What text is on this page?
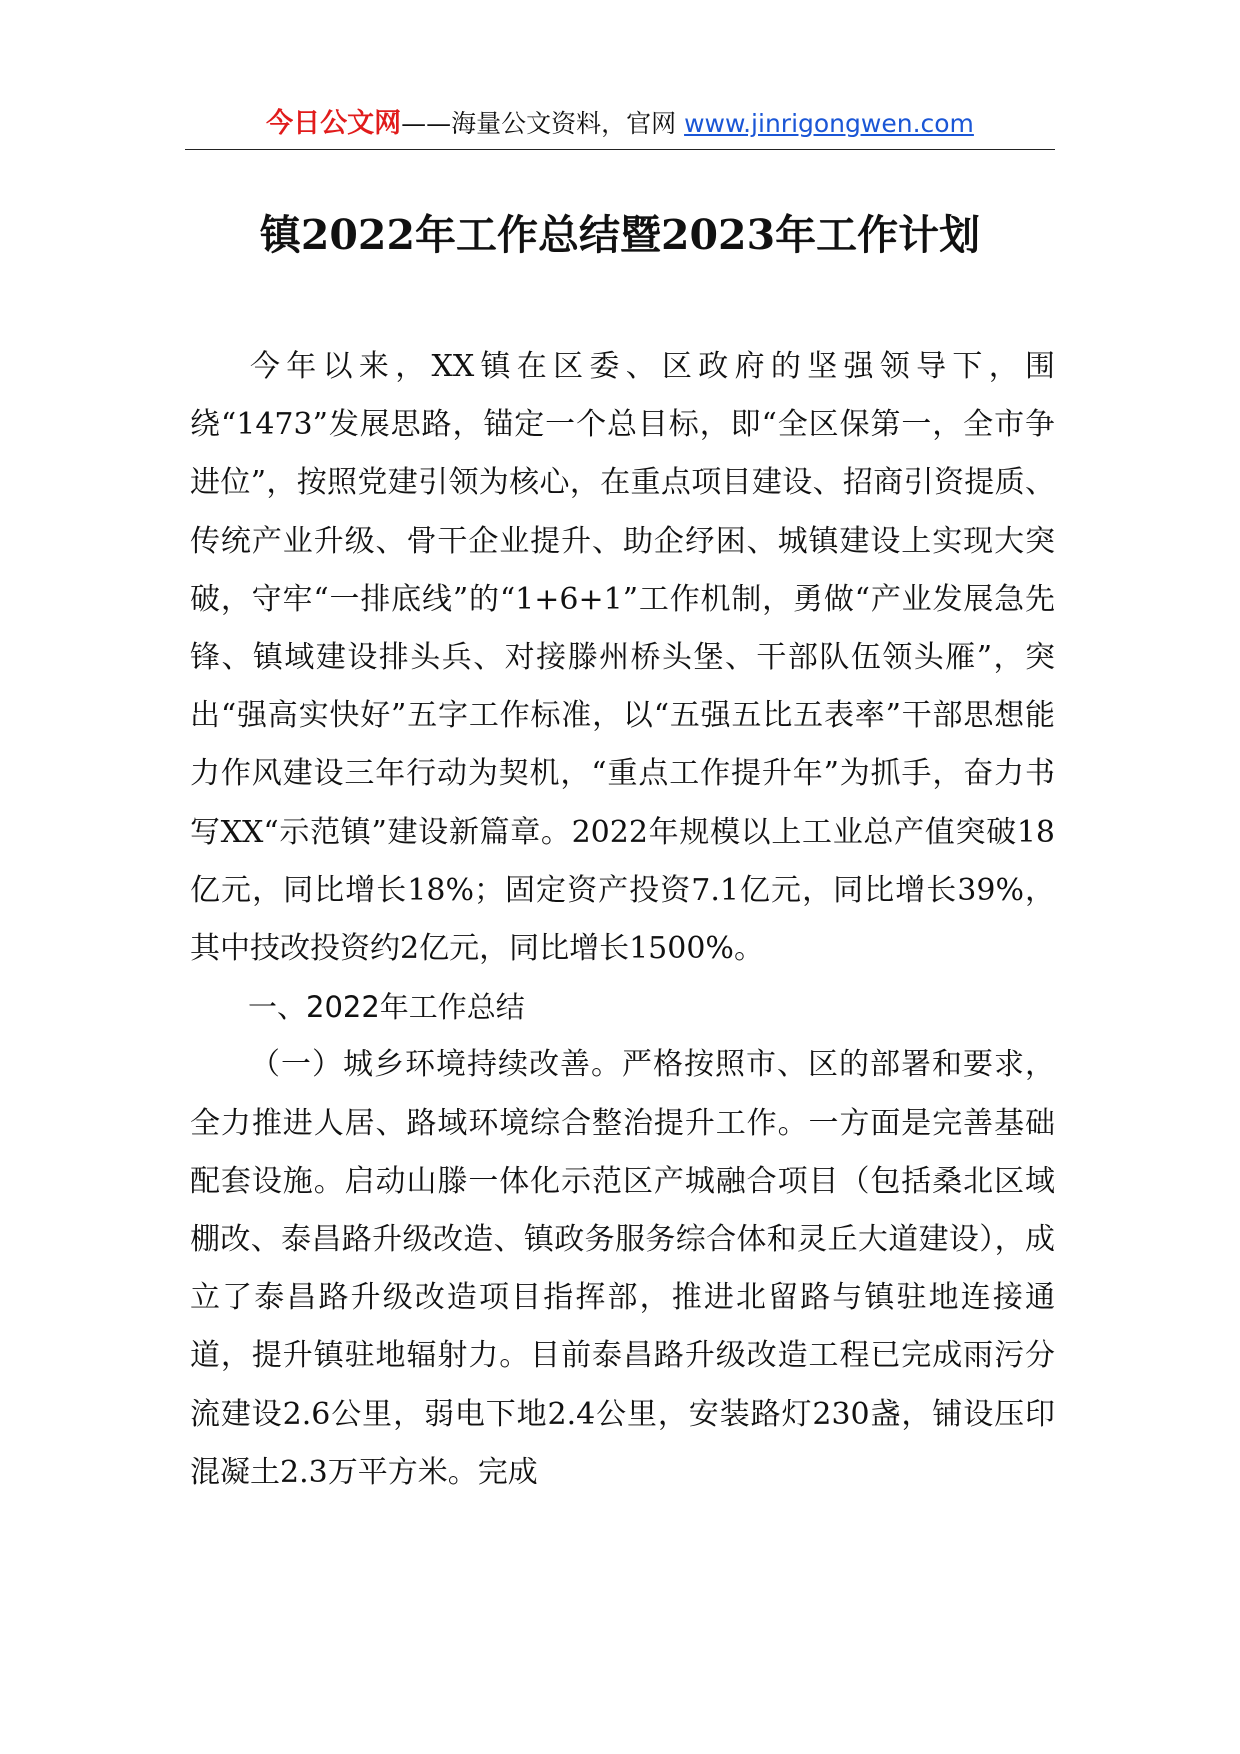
今日公文网——海量公文资料，官网 www.jinrigongwen.com
镇2022年工作总结暨2023年工作计划

今年以来，XX镇在区委、区政府的坚强领导下，围绕“1473”发展思路，锚定一个总目标，即“全区保第一，全市争进位”，按照党建引领为核心，在重点项目建设、招商引资提质、传统产业升级、骨干企业提升、助企纾困、城镇建设上实现大突破，守牢“一排底线”的“1+6+1”工作机制，勇做“产业发展急先锋、镇域建设排头兵、对接滕州桥头堡、干部队伍领头雁”，突出“强高实快好”五字工作标准，以“五强五比五表率”干部思想能力作风建设三年行动为契机，“重点工作提升年”为抓手，奋力书写XX“示范镇”建设新篇章。2022年规模以上工业总产值突破18亿元，同比增长18%；固定资产投资7.1亿元，同比增长39%，其中技改投资约2亿元，同比增长1500%。

一、2022年工作总结

（一）城乡环境持续改善。严格按照市、区的部署和要求，全力推进人居、路域环境综合整治提升工作。一方面是完善基础配套设施。启动山滕一体化示范区产城融合项目（包括桑北区域棚改、泰昌路升级改造、镇政务服务综合体和灵丘大道建设），成立了泰昌路升级改造项目指挥部，推进北留路与镇驻地连接通道，提升镇驻地辐射力。目前泰昌路升级改造工程已完成雨污分流建设2.6公里，弱电下地2.4公里，安装路灯230盏，铺设压印混凝土2.3万平方米。完成
